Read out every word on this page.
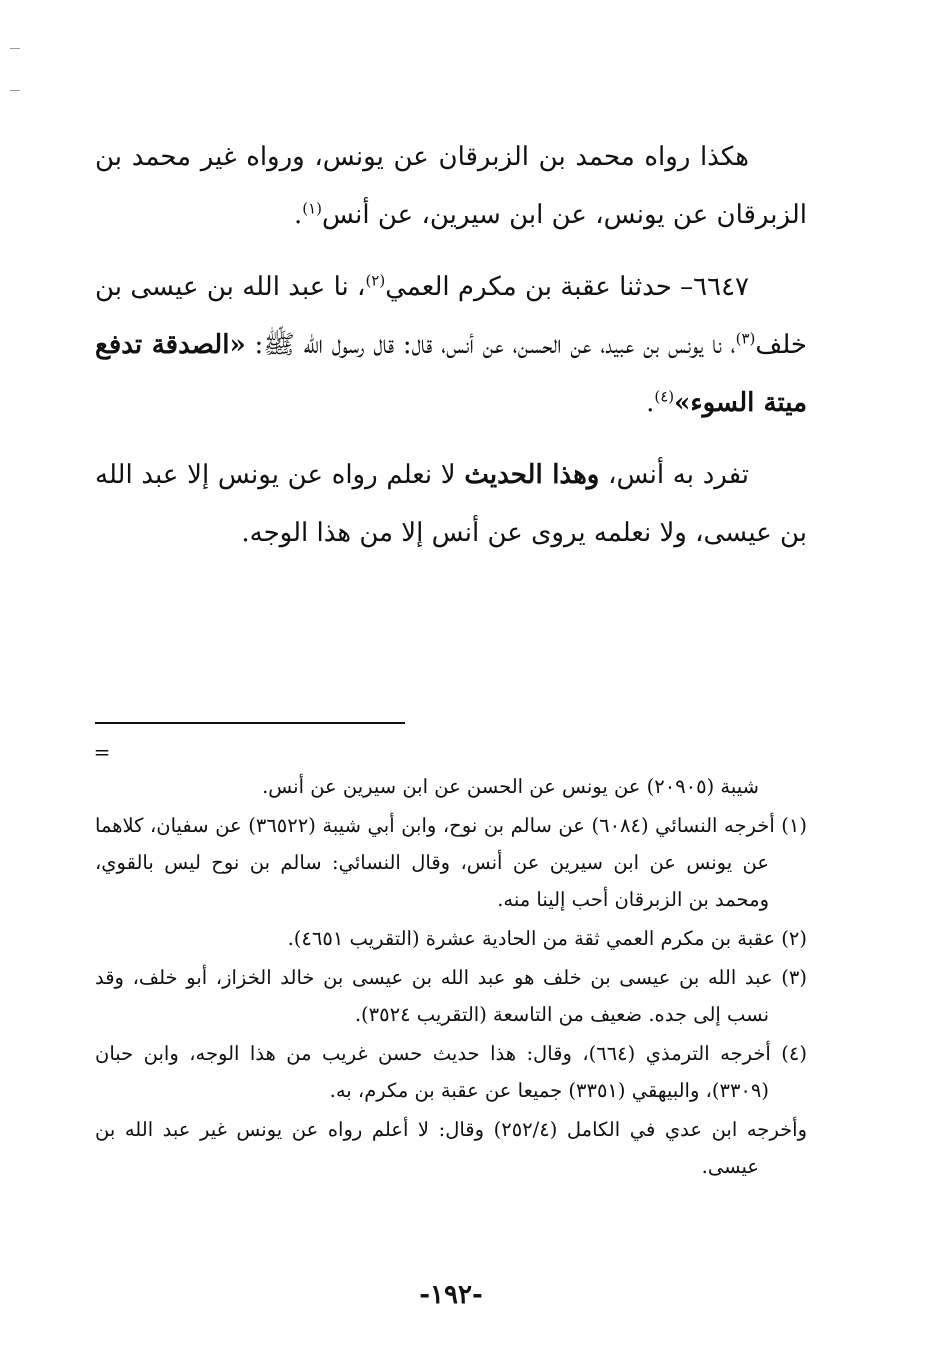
هكذا رواه محمد بن الزبرقان عن يونس، ورواه غير محمد بن الزبرقان عن يونس، عن ابن سيرين، عن أنس$^{(١)}$.

٦٦٤٧– حدثنا عقبة بن مكرم العمي$^{(٢)}$، نا عبد الله بن عيسى بن خلف$^{(٣)}$، نا يونس بن عبيد، عن الحسن، عن أنس، قال: قال رسول الله ﷺ: «الصدقة تدفع ميتة السوء»$^{(٤)}$.

تفرد به أنس، وهذا الحديث لا نعلم رواه عن يونس إلا عبد الله بن عيسى، ولا نعلمه يروى عن أنس إلا من هذا الوجه.

=

شيبة (٢٠٩٠٥) عن يونس عن الحسن عن ابن سيرين عن أنس.

(١) أخرجه النسائي (٦٠٨٤) عن سالم بن نوح، وابن أبي شيبة (٣٦٥٢٢) عن سفيان، كلاهما عن يونس عن ابن سيرين عن أنس، وقال النسائي: سالم بن نوح ليس بالقوي، ومحمد بن الزبرقان أحب إلينا منه.

(٢) عقبة بن مكرم العمي ثقة من الحادية عشرة (التقريب ٤٦٥١).

(٣) عبد الله بن عيسى بن خلف هو عبد الله بن عيسى بن خالد الخزاز، أبو خلف، وقد نسب إلى جده. ضعيف من التاسعة (التقريب ٣٥٢٤).

(٤) أخرجه الترمذي (٦٦٤)، وقال: هذا حديث حسن غريب من هذا الوجه، وابن حبان (٣٣٠٩)، والبيهقي (٣٣٥١) جميعا عن عقبة بن مكرم، به.

وأخرجه ابن عدي في الكامل (٢٥٢/٤) وقال: لا أعلم رواه عن يونس غير عبد الله بن عيسى.

-١٩٢-
